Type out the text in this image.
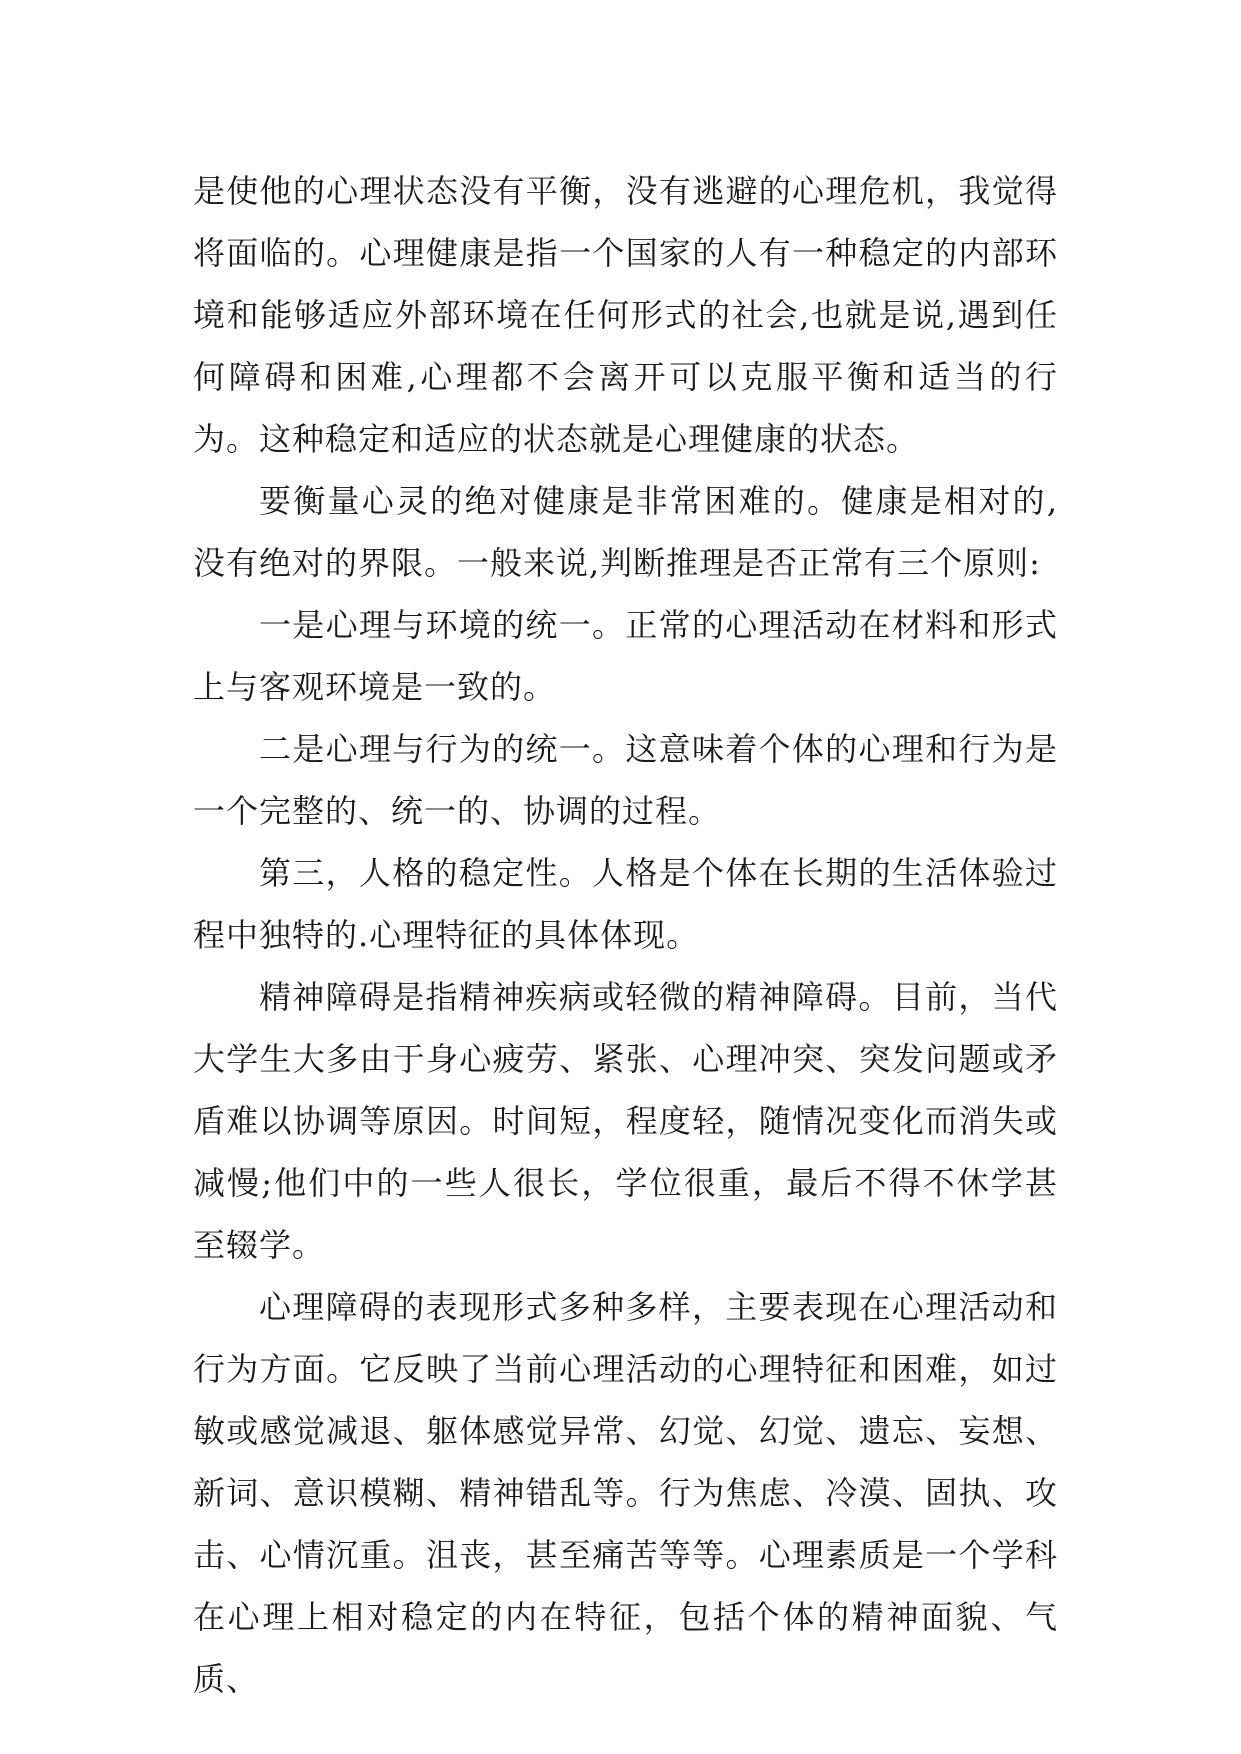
是使他的心理状态没有平衡，没有逃避的心理危机，我觉得将面临的。心理健康是指一个国家的人有一种稳定的内部环境和能够适应外部环境在任何形式的社会,也就是说,遇到任何障碍和困难,心理都不会离开可以克服平衡和适当的行为。这种稳定和适应的状态就是心理健康的状态。

要衡量心灵的绝对健康是非常困难的。健康是相对的,没有绝对的界限。一般来说,判断推理是否正常有三个原则:

一是心理与环境的统一。正常的心理活动在材料和形式上与客观环境是一致的。

二是心理与行为的统一。这意味着个体的心理和行为是一个完整的、统一的、协调的过程。

第三，人格的稳定性。人格是个体在长期的生活体验过程中独特的.心理特征的具体体现。

精神障碍是指精神疾病或轻微的精神障碍。目前，当代大学生大多由于身心疲劳、紧张、心理冲突、突发问题或矛盾难以协调等原因。时间短，程度轻，随情况变化而消失或减慢;他们中的一些人很长，学位很重，最后不得不休学甚至辍学。

心理障碍的表现形式多种多样，主要表现在心理活动和行为方面。它反映了当前心理活动的心理特征和困难，如过敏或感觉减退、躯体感觉异常、幻觉、幻觉、遗忘、妄想、新词、意识模糊、精神错乱等。行为焦虑、冷漠、固执、攻击、心情沉重。沮丧，甚至痛苦等等。心理素质是一个学科在心理上相对稳定的内在特征，包括个体的精神面貌、气质、
